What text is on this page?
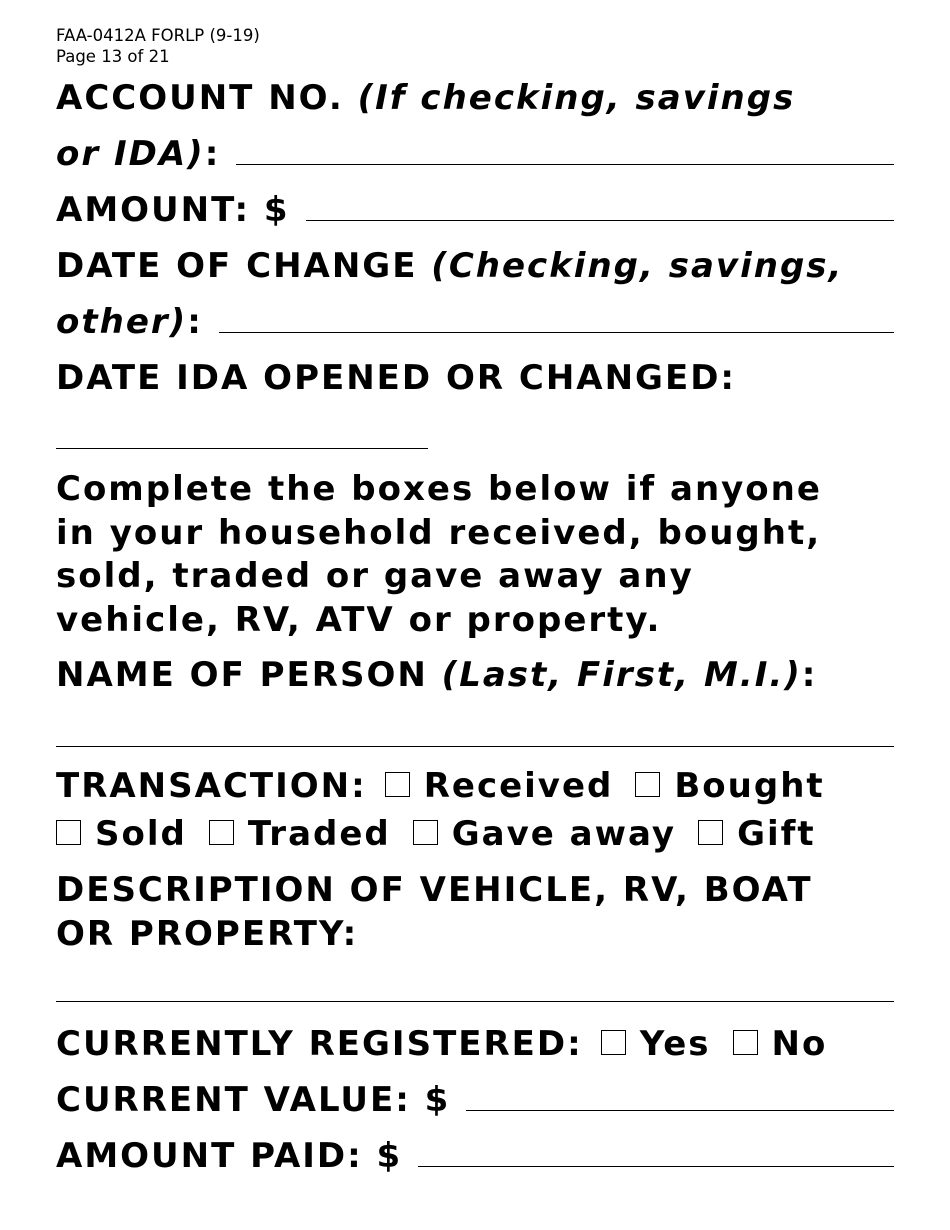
FAA-0412A FORLP (9-19)
Page 13 of 21
ACCOUNT NO.
(If checking, savings
or IDA) :
AMOUNT: $
DATE OF CHANGE
(Checking, savings,
other) :
DATE IDA OPENED OR CHANGED:
Complete the boxes below if anyone
in your household received, bought,
sold, traded or gave away any
vehicle, RV, ATV or property.
NAME OF PERSON
(Last, First, M.I.) :
TRANSACTION: Received Bought
Sold Traded Gave away Gift
DESCRIPTION OF VEHICLE, RV, BOAT
OR PROPERTY:
CURRENTLY REGISTERED: Yes No
CURRENT VALUE: $
AMOUNT PAID: $
